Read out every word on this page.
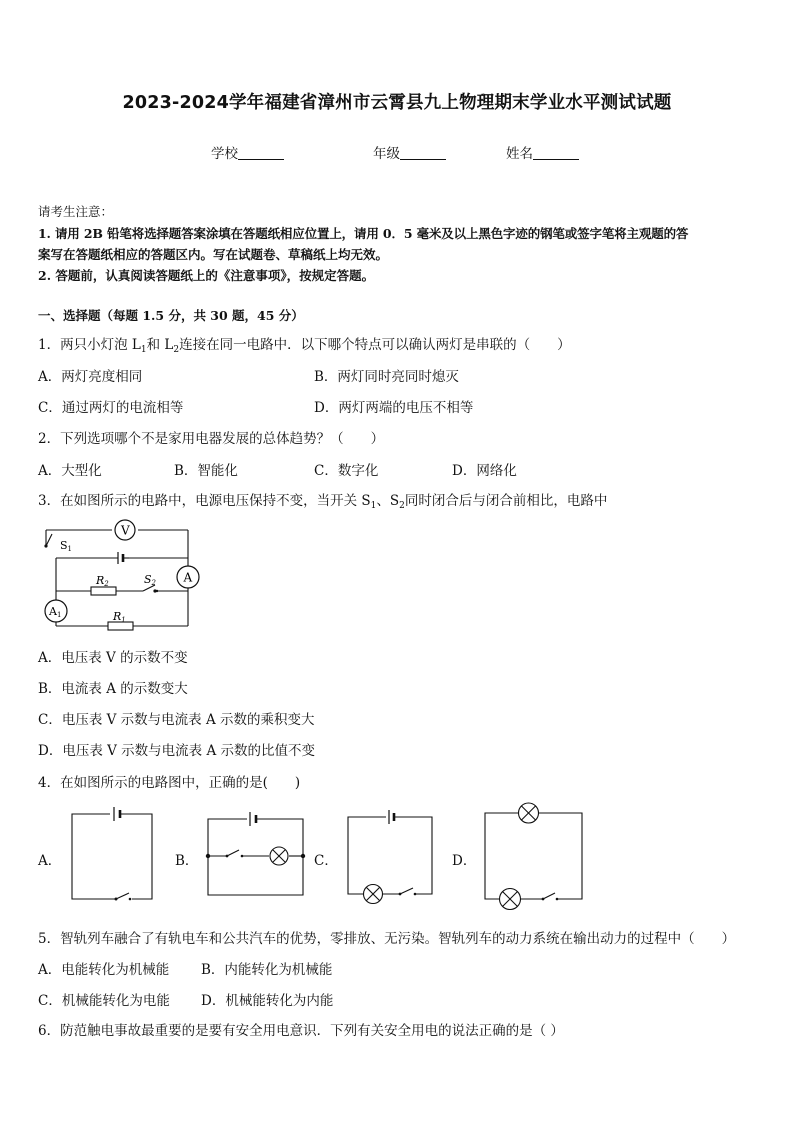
2023-2024学年福建省漳州市云霄县九上物理期末学业水平测试试题
学校	年级	姓名
请考生注意：
1. 请用 2B 铅笔将选择题答案涂填在答题纸相应位置上，请用 0．5 毫米及以上黑色字迹的钢笔或签字笔将主观题的答
案写在答题纸相应的答题区内。写在试题卷、草稿纸上均无效。
2. 答题前，认真阅读答题纸上的《注意事项》，按规定答题。
一、选择题（每题 1.5 分，共 30 题，45 分）
1．两只小灯泡 $L_1$和 $L_2$连接在同一电路中．以下哪个特点可以确认两灯是串联的（　　）
A．两灯亮度相同	B．两灯同时亮同时熄灭
C．通过两灯的电流相等	D．两灯两端的电压不相等
2．下列选项哪个不是家用电器发展的总体趋势？（　　）
A．大型化	B．智能化	C．数字化	D．网络化
3．在如图所示的电路中，电源电压保持不变，当开关 $S_1$、$S_2$同时闭合后与闭合前相比，电路中
V
A
A1
S1
S2
R2
R1
A．电压表 V 的示数不变
B．电流表 A 的示数变大
C．电压表 V 示数与电流表 A 示数的乘积变大
D．电压表 V 示数与电流表 A 示数的比值不变
4．在如图所示的电路图中，正确的是(　　)
A．	B．	C．	D．
5．智轨列车融合了有轨电车和公共汽车的优势，零排放、无污染。智轨列车的动力系统在输出动力的过程中（　　）
A．电能转化为机械能 B．内能转化为机械能
C．机械能转化为电能 D．机械能转化为内能
6．防范触电事故最重要的是要有安全用电意识．下列有关安全用电的说法正确的是（ ）
